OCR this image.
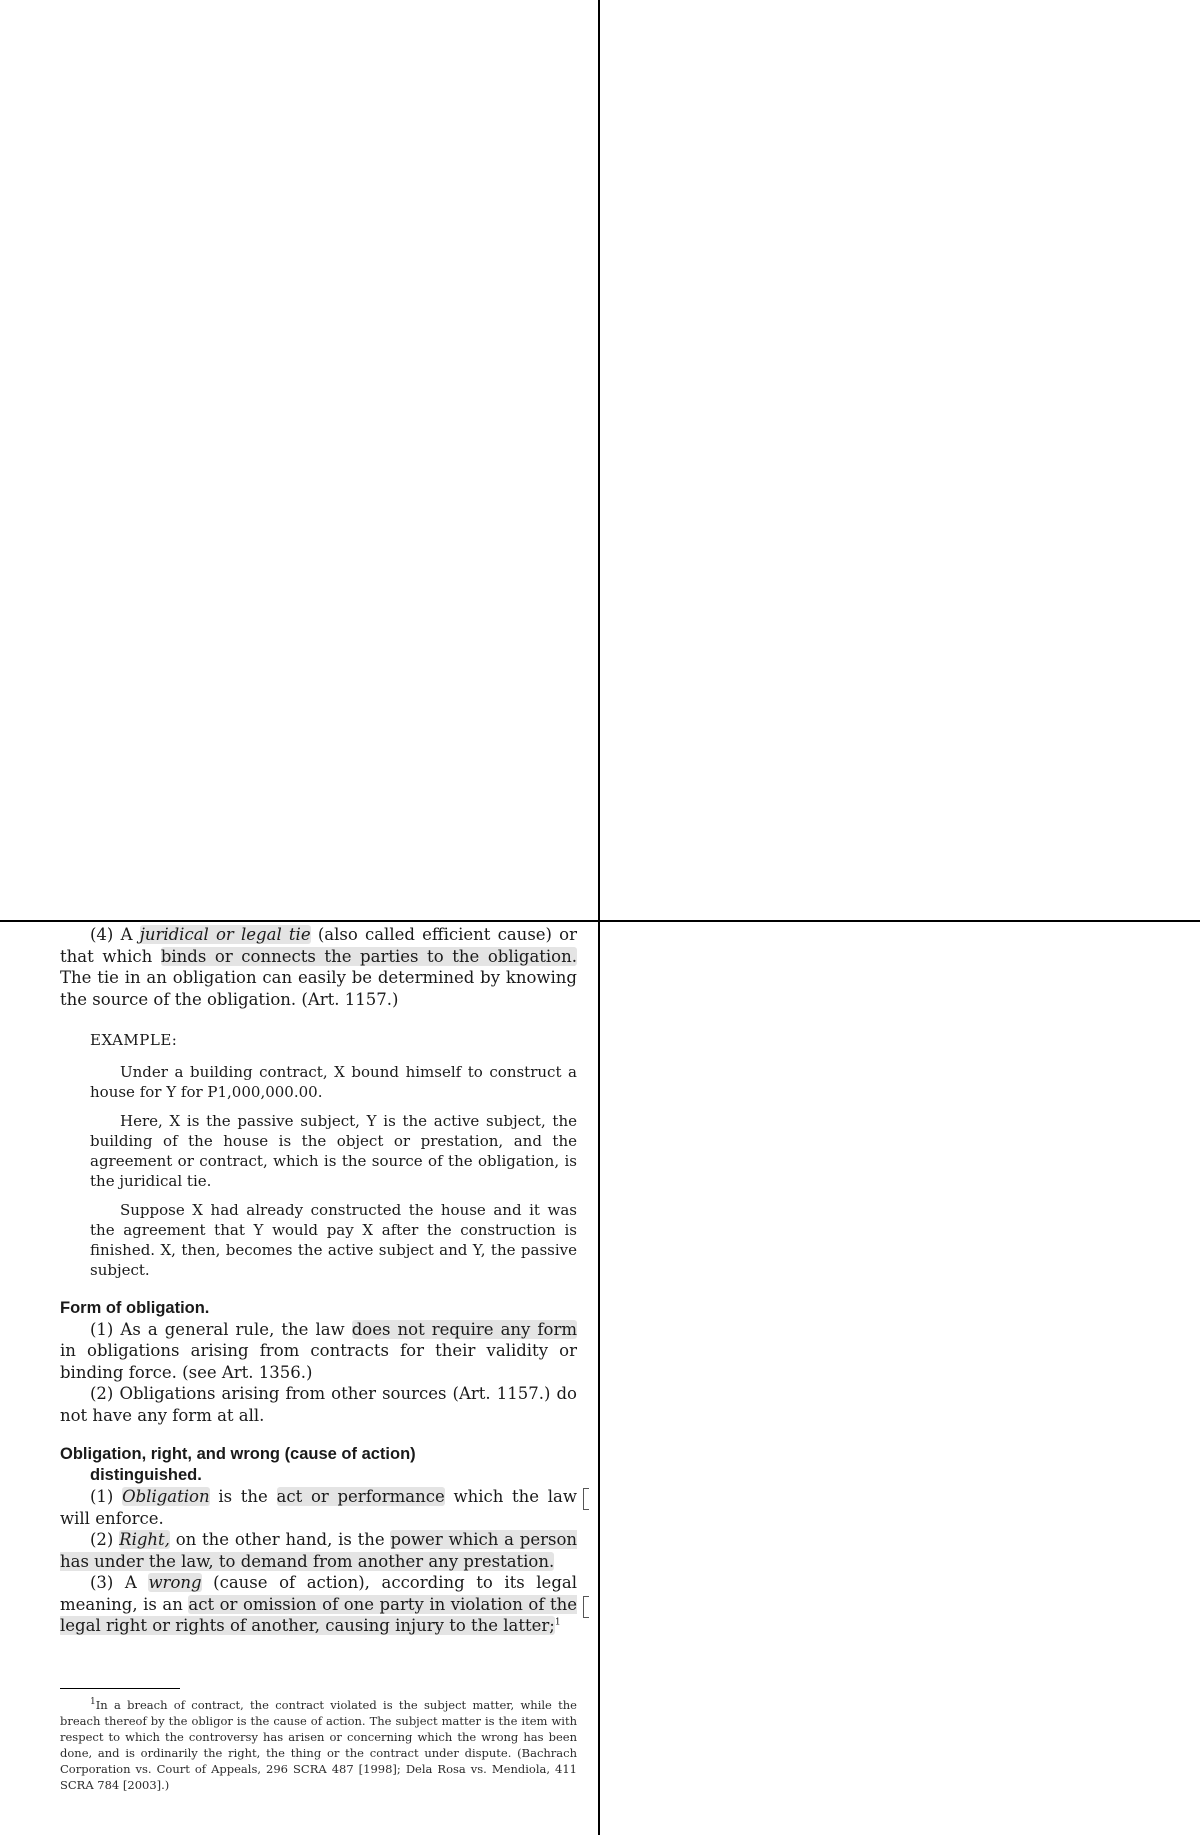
(4) A juridical or legal tie (also called efficient cause) or that which binds or connects the parties to the obligation. The tie in an obligation can easily be determined by knowing the source of the obligation. (Art. 1157.)

EXAMPLE:

Under a building contract, X bound himself to construct a house for Y for P1,000,000.00.

Here, X is the passive subject, Y is the active subject, the building of the house is the object or prestation, and the agreement or contract, which is the source of the obligation, is the juridical tie.

Suppose X had already constructed the house and it was the agreement that Y would pay X after the construction is finished. X, then, becomes the active subject and Y, the passive subject.

Form of obligation.

(1) As a general rule, the law does not require any form in obligations arising from contracts for their validity or binding force. (see Art. 1356.)

(2) Obligations arising from other sources (Art. 1157.) do not have any form at all.

Obligation, right, and wrong (cause of action)
distinguished.

(1) Obligation is the act or performance which the law will enforce.

(2) Right, on the other hand, is the power which a person has under the law, to demand from another any prestation.

(3) A wrong (cause of action), according to its legal meaning, is an act or omission of one party in violation of the legal right or rights of another, causing injury to the latter;$^1$

$^1$In a breach of contract, the contract violated is the subject matter, while the breach thereof by the obligor is the cause of action. The subject matter is the item with respect to which the controversy has arisen or concerning which the wrong has been done, and is ordinarily the right, the thing or the contract under dispute. (Bachrach Corporation vs. Court of Appeals, 296 SCRA 487 [1998]; Dela Rosa vs. Mendiola, 411 SCRA 784 [2003].)
